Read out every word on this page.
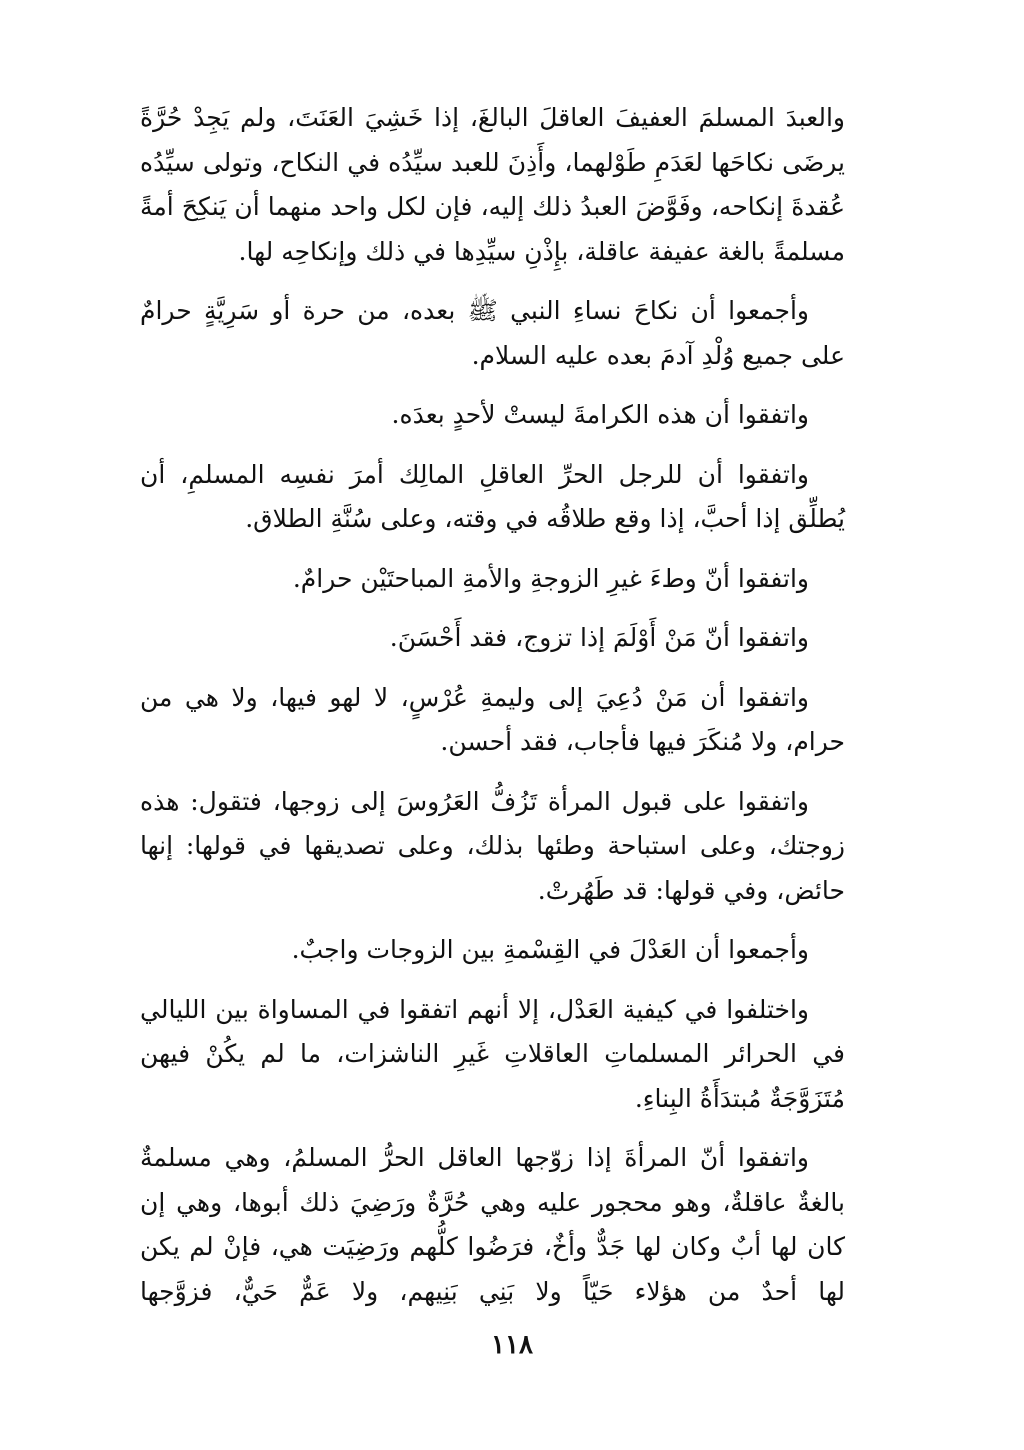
والعبدَ المسلمَ العفيفَ العاقلَ البالغَ، إذا خَشِيَ العَنَتَ، ولم يَجِدْ حُرَّةً يرضَى نكاحَها لعَدَمِ طَوْلهما، وأَذِنَ للعبد سيِّدُه في النكاح، وتولى سيِّدُه عُقدةَ إنكاحه، وفَوَّضَ العبدُ ذلك إليه، فإن لكل واحد منهما أن يَنكِحَ أمةً مسلمةً بالغة عفيفة عاقلة، بإِذْنِ سيِّدِها في ذلك وإنكاحِه لها.

وأجمعوا أن نكاحَ نساءِ النبي ﷺ بعده، من حرة أو سَرِيَّةٍ حرامٌ على جميع وُلْدِ آدمَ بعده عليه السلام.

واتفقوا أن هذه الكرامةَ ليستْ لأحدٍ بعدَه.

واتفقوا أن للرجل الحرِّ العاقلِ المالِك أمرَ نفسِه المسلمِ، أن يُطلِّق إذا أحبَّ، إذا وقع طلاقُه في وقته، وعلى سُنَّةِ الطلاق.

واتفقوا أنّ وطءَ غيرِ الزوجةِ والأمةِ المباحتَيْن حرامٌ.

واتفقوا أنّ مَنْ أَوْلَمَ إذا تزوج، فقد أَحْسَنَ.

واتفقوا أن مَنْ دُعِيَ إلى وليمةِ عُرْسٍ، لا لهو فيها، ولا هي من حرام، ولا مُنكَرَ فيها فأجاب، فقد أحسن.

واتفقوا على قبول المرأة تَزُفُّ العَرُوسَ إلى زوجها، فتقول: هذه زوجتك، وعلى استباحة وطئها بذلك، وعلى تصديقها في قولها: إنها حائض، وفي قولها: قد طَهُرتْ.

وأجمعوا أن العَدْلَ في القِسْمةِ بين الزوجات واجبٌ.

واختلفوا في كيفية العَدْل، إلا أنهم اتفقوا في المساواة بين الليالي في الحرائر المسلماتِ العاقلاتِ غَيرِ الناشزات، ما لم يكُنْ فيهن مُتَزَوَّجَةٌ مُبتدَأَةُ البِناءِ.

واتفقوا أنّ المرأةَ إذا زوّجها العاقل الحرُّ المسلمُ، وهي مسلمةٌ بالغةٌ عاقلةٌ، وهو محجور عليه وهي حُرَّةٌ ورَضِيَ ذلك أبوها، وهي إن كان لها أبٌ وكان لها جَدٌّ وأخٌ، فرَضُوا كلُّهم ورَضِيَت هي، فإنْ لم يكن لها أحدٌ من هؤلاء حَيّاً ولا بَنِي بَنِيهم، ولا عَمٌّ حَيٌّ، فزوَّجها

١١٨
